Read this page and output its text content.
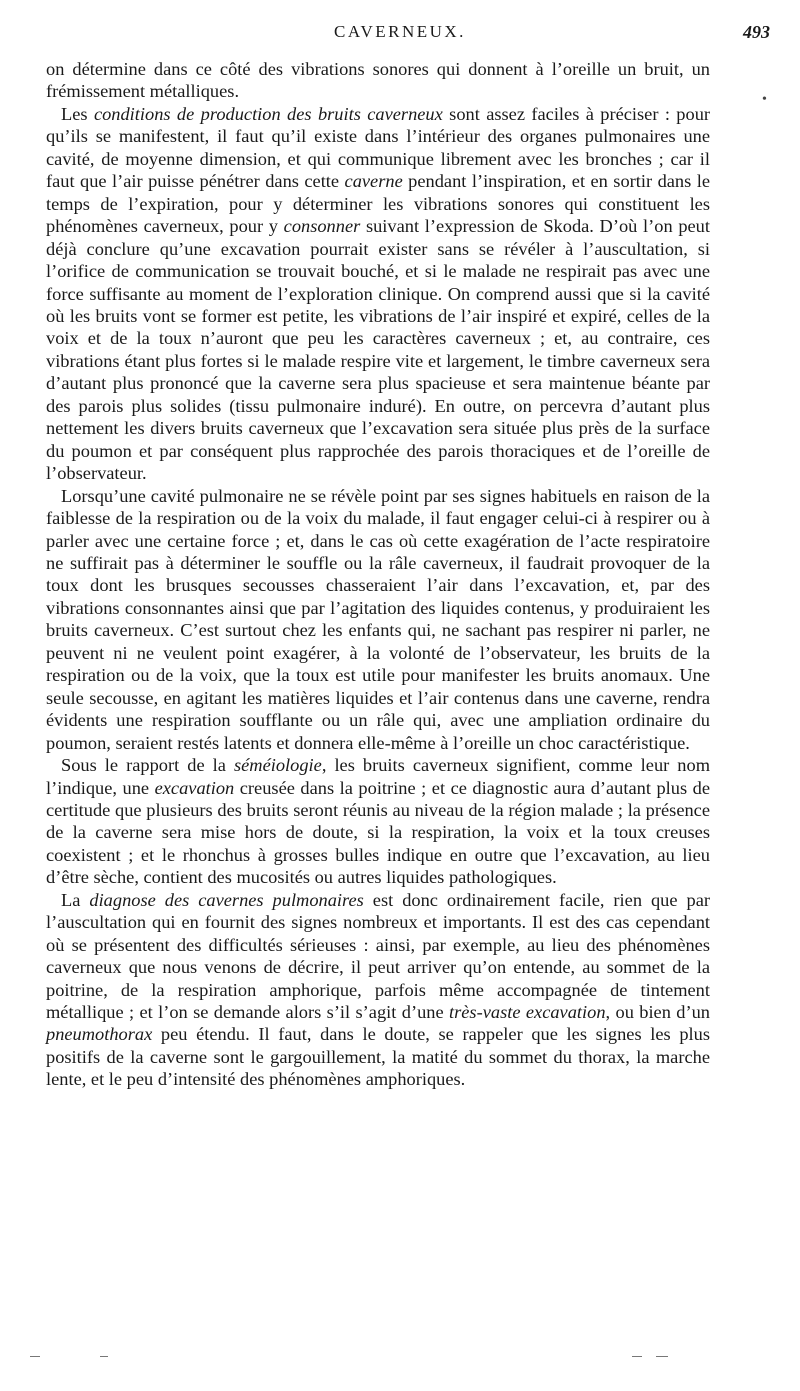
CAVERNEUX.	493

on détermine dans ce côté des vibrations sonores qui donnent à l’oreille un bruit, un frémissement métalliques.

Les conditions de production des bruits caverneux sont assez faciles à préciser : pour qu’ils se manifestent, il faut qu’il existe dans l’intérieur des organes pulmonaires une cavité, de moyenne dimension, et qui communique librement avec les bronches ; car il faut que l’air puisse pénétrer dans cette caverne pendant l’inspiration, et en sortir dans le temps de l’expiration, pour y déterminer les vibrations sonores qui constituent les phénomènes caverneux, pour y consonner suivant l’expression de Skoda. D’où l’on peut déjà conclure qu’une excavation pourrait exister sans se révéler à l’auscultation, si l’orifice de communication se trouvait bouché, et si le malade ne respirait pas avec une force suffisante au moment de l’exploration clinique. On comprend aussi que si la cavité où les bruits vont se former est petite, les vibrations de l’air inspiré et expiré, celles de la voix et de la toux n’auront que peu les caractères caverneux ; et, au contraire, ces vibrations étant plus fortes si le malade respire vite et largement, le timbre caverneux sera d’autant plus prononcé que la caverne sera plus spacieuse et sera maintenue béante par des parois plus solides (tissu pulmonaire induré). En outre, on percevra d’autant plus nettement les divers bruits caverneux que l’excavation sera située plus près de la surface du poumon et par conséquent plus rapprochée des parois thoraciques et de l’oreille de l’observateur.

Lorsqu’une cavité pulmonaire ne se révèle point par ses signes habituels en raison de la faiblesse de la respiration ou de la voix du malade, il faut engager celui-ci à respirer ou à parler avec une certaine force ; et, dans le cas où cette exagération de l’acte respiratoire ne suffirait pas à déterminer le souffle ou la râle caverneux, il faudrait provoquer de la toux dont les brusques secousses chasseraient l’air dans l’excavation, et, par des vibrations consonnantes ainsi que par l’agitation des liquides contenus, y produiraient les bruits caverneux. C’est surtout chez les enfants qui, ne sachant pas respirer ni parler, ne peuvent ni ne veulent point exagérer, à la volonté de l’observateur, les bruits de la respiration ou de la voix, que la toux est utile pour manifester les bruits anomaux. Une seule secousse, en agitant les matières liquides et l’air contenus dans une caverne, rendra évidents une respiration soufflante ou un râle qui, avec une ampliation ordinaire du poumon, seraient restés latents et donnera elle-même à l’oreille un choc caractéristique.

Sous le rapport de la séméiologie, les bruits caverneux signifient, comme leur nom l’indique, une excavation creusée dans la poitrine ; et ce diagnostic aura d’autant plus de certitude que plusieurs des bruits seront réunis au niveau de la région malade ; la présence de la caverne sera mise hors de doute, si la respiration, la voix et la toux creuses coexistent ; et le rhonchus à grosses bulles indique en outre que l’excavation, au lieu d’être sèche, contient des mucosités ou autres liquides pathologiques.

La diagnose des cavernes pulmonaires est donc ordinairement facile, rien que par l’auscultation qui en fournit des signes nombreux et importants. Il est des cas cependant où se présentent des difficultés sérieuses : ainsi, par exemple, au lieu des phénomènes caverneux que nous venons de décrire, il peut arriver qu’on entende, au sommet de la poitrine, de la respiration amphorique, parfois même accompagnée de tintement métallique ; et l’on se demande alors s’il s’agit d’une très-vaste excavation, ou bien d’un pneumothorax peu étendu. Il faut, dans le doute, se rappeler que les signes les plus positifs de la caverne sont le gargouillement, la matité du sommet du thorax, la marche lente, et le peu d’intensité des phénomènes amphoriques.

•
